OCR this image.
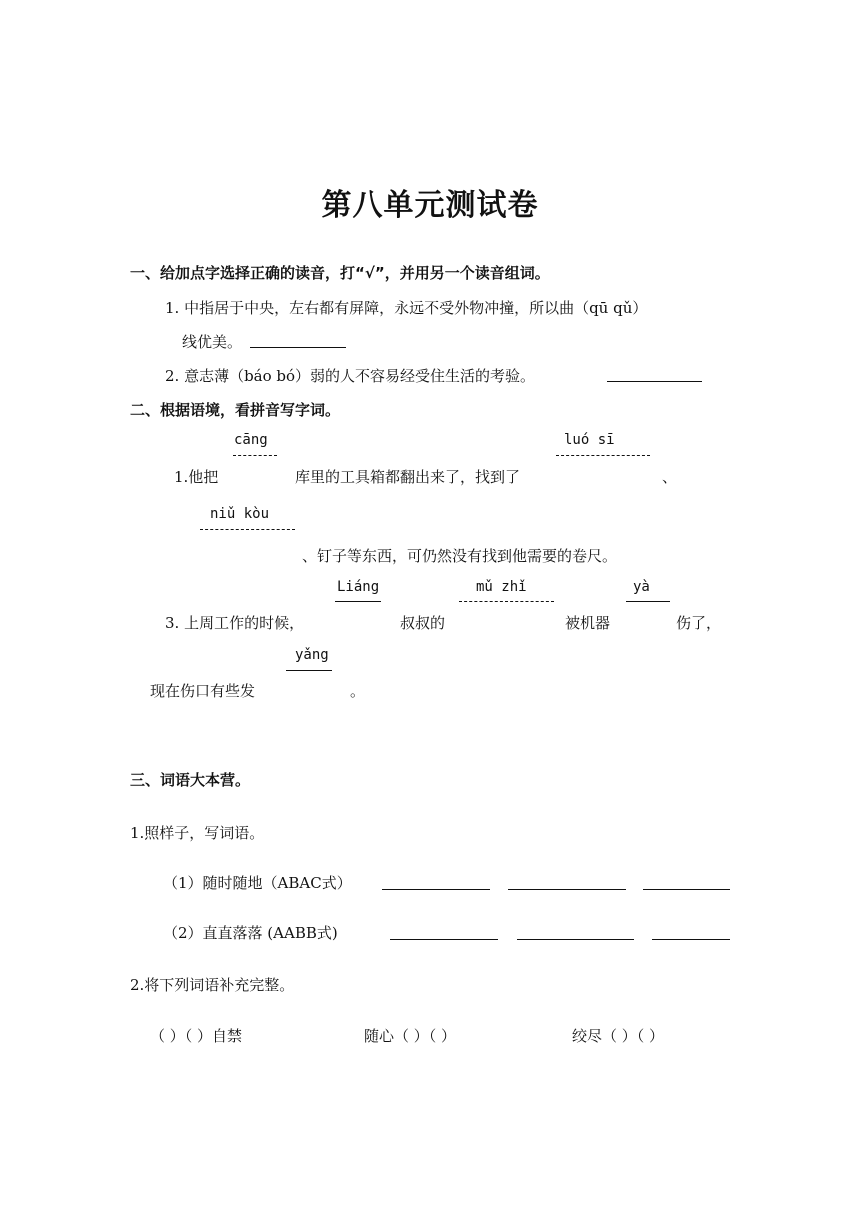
第八单元测试卷
一、给加点字选择正确的读音，打“√”，并用另一个读音组词。
1. 中指居于中央，左右都有屏障，永远不受外物冲撞，所以曲（qū qǔ）
线优美。
2. 意志薄（báo bó）弱的人不容易经受住生活的考验。
二、根据语境，看拼音写字词。
cāng	luó sī
1.他把	库里的工具箱都翻出来了，找到了	、
niǔ kòu
、钉子等东西，可仍然没有找到他需要的卷尺。
Liáng	mǔ zhǐ	yà
3. 上周工作的时候，	叔叔的	被机器	伤了，
yǎng
现在伤口有些发	。
三、词语大本营。
1.照样子，写词语。
（1）随时随地（ABAC式）
（2）直直落落 (AABB式)
2.将下列词语补充完整。
（ ）（ ）自禁	随心（ ）（ ）	绞尽（ ）（ ）
